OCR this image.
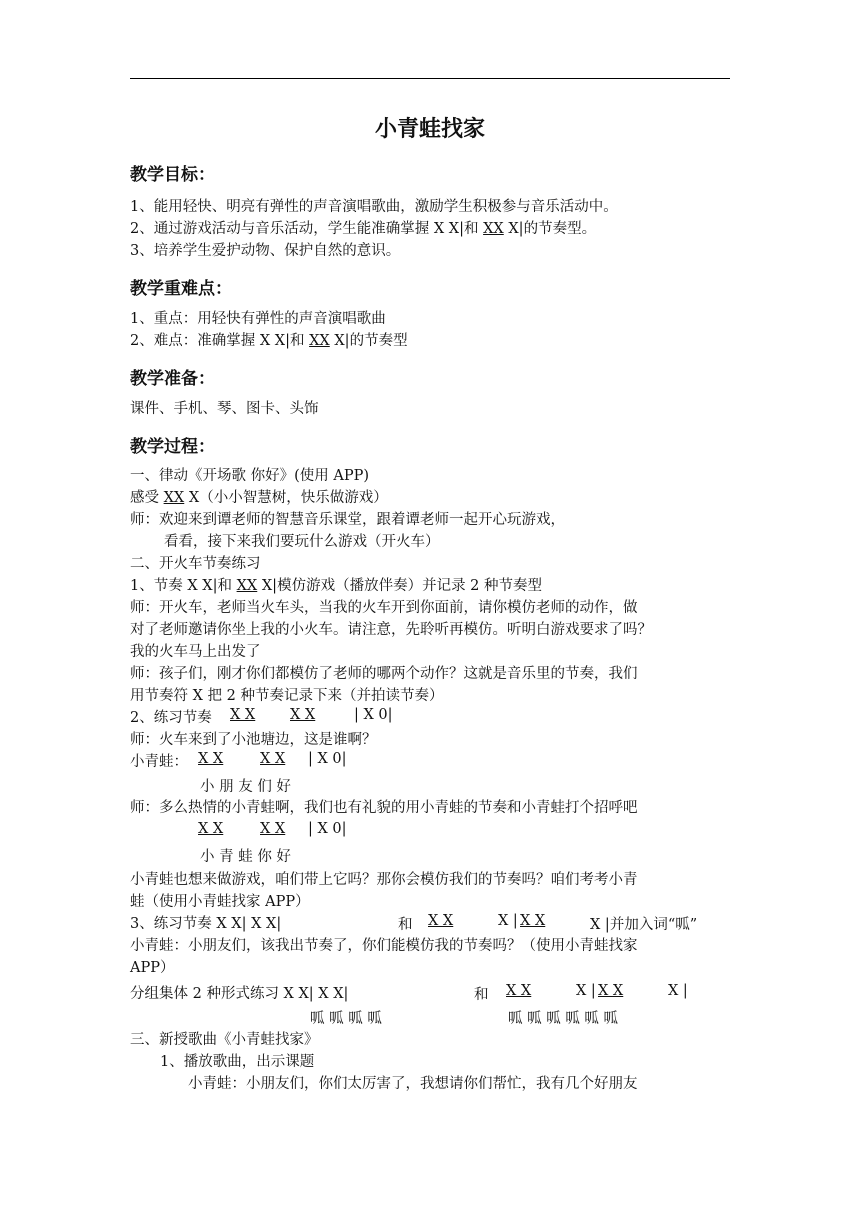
小青蛙找家
教学目标：
1、能用轻快、明亮有弹性的声音演唱歌曲，激励学生积极参与音乐活动中。
2、通过游戏活动与音乐活动，学生能准确掌握 X X|和 XX X|的节奏型。
3、培养学生爱护动物、保护自然的意识。
教学重难点：
1、重点：用轻快有弹性的声音演唱歌曲
2、难点：准确掌握 X X|和 XX X|的节奏型
教学准备：
课件、手机、琴、图卡、头饰
教学过程：
一、律动《开场歌 你好》(使用 APP)
感受 XX X（小小智慧树，快乐做游戏）
师：欢迎来到谭老师的智慧音乐课堂，跟着谭老师一起开心玩游戏，
看看，接下来我们要玩什么游戏（开火车）
二、开火车节奏练习
1、节奏 X X|和 XX X|模仿游戏（播放伴奏）并记录 2 种节奏型
师：开火车，老师当火车头，当我的火车开到你面前，请你模仿老师的动作，做
对了老师邀请你坐上我的小火车。请注意，先聆听再模仿。听明白游戏要求了吗？
我的火车马上出发了
师：孩子们，刚才你们都模仿了老师的哪两个动作？这就是音乐里的节奏，我们
用节奏符 X 把 2 种节奏记录下来（并拍读节奏）
2、练习节奏 X X X X	| X 0|
师：火车来到了小池塘边，这是谁啊？
小青蛙： X X	X X | X 0|
小 朋 友 们 好
师：多么热情的小青蛙啊，我们也有礼貌的用小青蛙的节奏和小青蛙打个招呼吧
X X	X X | X 0|
小 青 蛙 你 好
小青蛙也想来做游戏，咱们带上它吗？那你会模仿我们的节奏吗？咱们考考小青
蛙（使用小青蛙找家 APP）
3、练习节奏 X X| X X|	和 X X	X | X X	X |并加入词“呱”
小青蛙：小朋友们，该我出节奏了，你们能模仿我的节奏吗？（使用小青蛙找家
APP）
分组集体 2 种形式练习 X X| X X|	和 X X	X | X X	X |
呱 呱 呱 呱	呱 呱 呱 呱 呱 呱
三、新授歌曲《小青蛙找家》
1、播放歌曲，出示课题
小青蛙：小朋友们，你们太厉害了，我想请你们帮忙，我有几个好朋友
